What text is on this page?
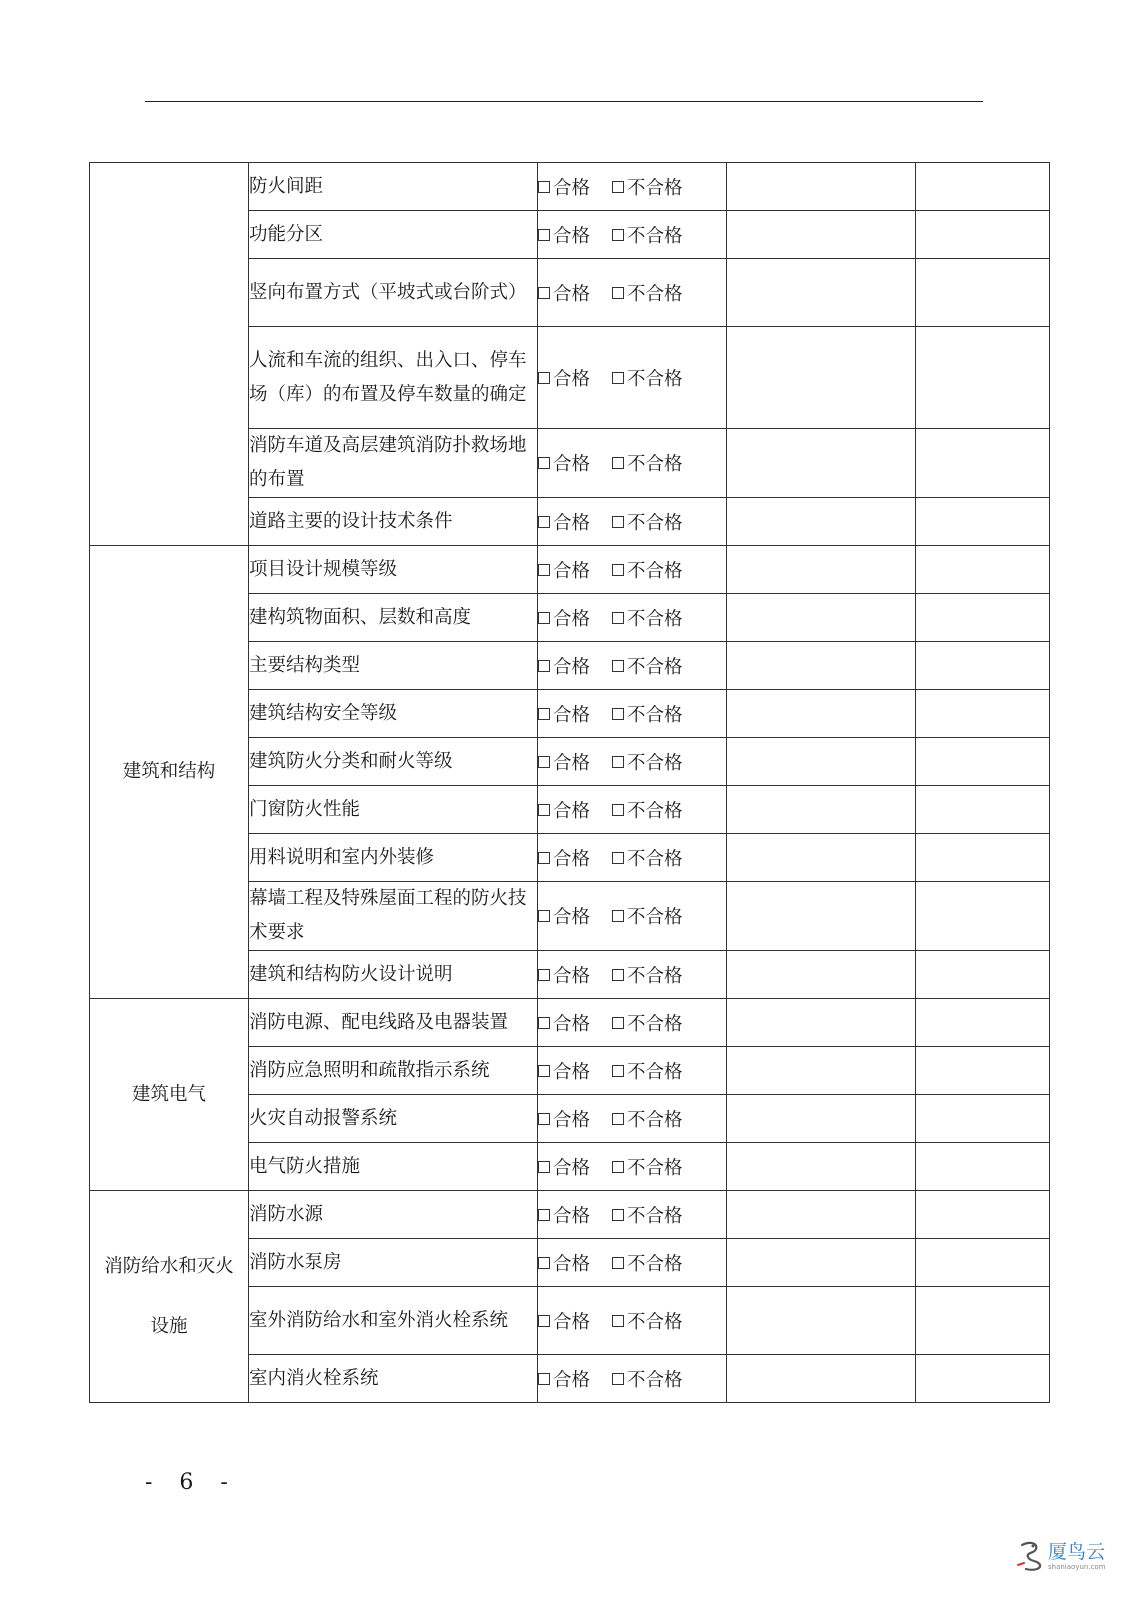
	防火间距	合格 不合格		

	功能分区	合格 不合格		

	竖向布置方式（平坡式或台阶式）	合格 不合格		

	人流和车流的组织、出入口、停车场（库）的布置及停车数量的确定	合格 不合格		

	消防车道及高层建筑消防扑救场地的布置	合格 不合格		

	道路主要的设计技术条件	合格 不合格		

建筑和结构	项目设计规模等级	合格 不合格		

	建构筑物面积、层数和高度	合格 不合格		

	主要结构类型	合格 不合格		

	建筑结构安全等级	合格 不合格		

	建筑防火分类和耐火等级	合格 不合格		

	门窗防火性能	合格 不合格		

	用料说明和室内外装修	合格 不合格		

	幕墙工程及特殊屋面工程的防火技术要求	合格 不合格		

	建筑和结构防火设计说明	合格 不合格		

建筑电气	消防电源、配电线路及电器装置	合格 不合格		

	消防应急照明和疏散指示系统	合格 不合格		

	火灾自动报警系统	合格 不合格		

	电气防火措施	合格 不合格		

消防给水和灭火设施	消防水源	合格 不合格		

	消防水泵房	合格 不合格		

	室外消防给水和室外消火栓系统	合格 不合格		

	室内消火栓系统	合格 不合格		

- 6 -
厦鸟云
shaniaoyun.com
